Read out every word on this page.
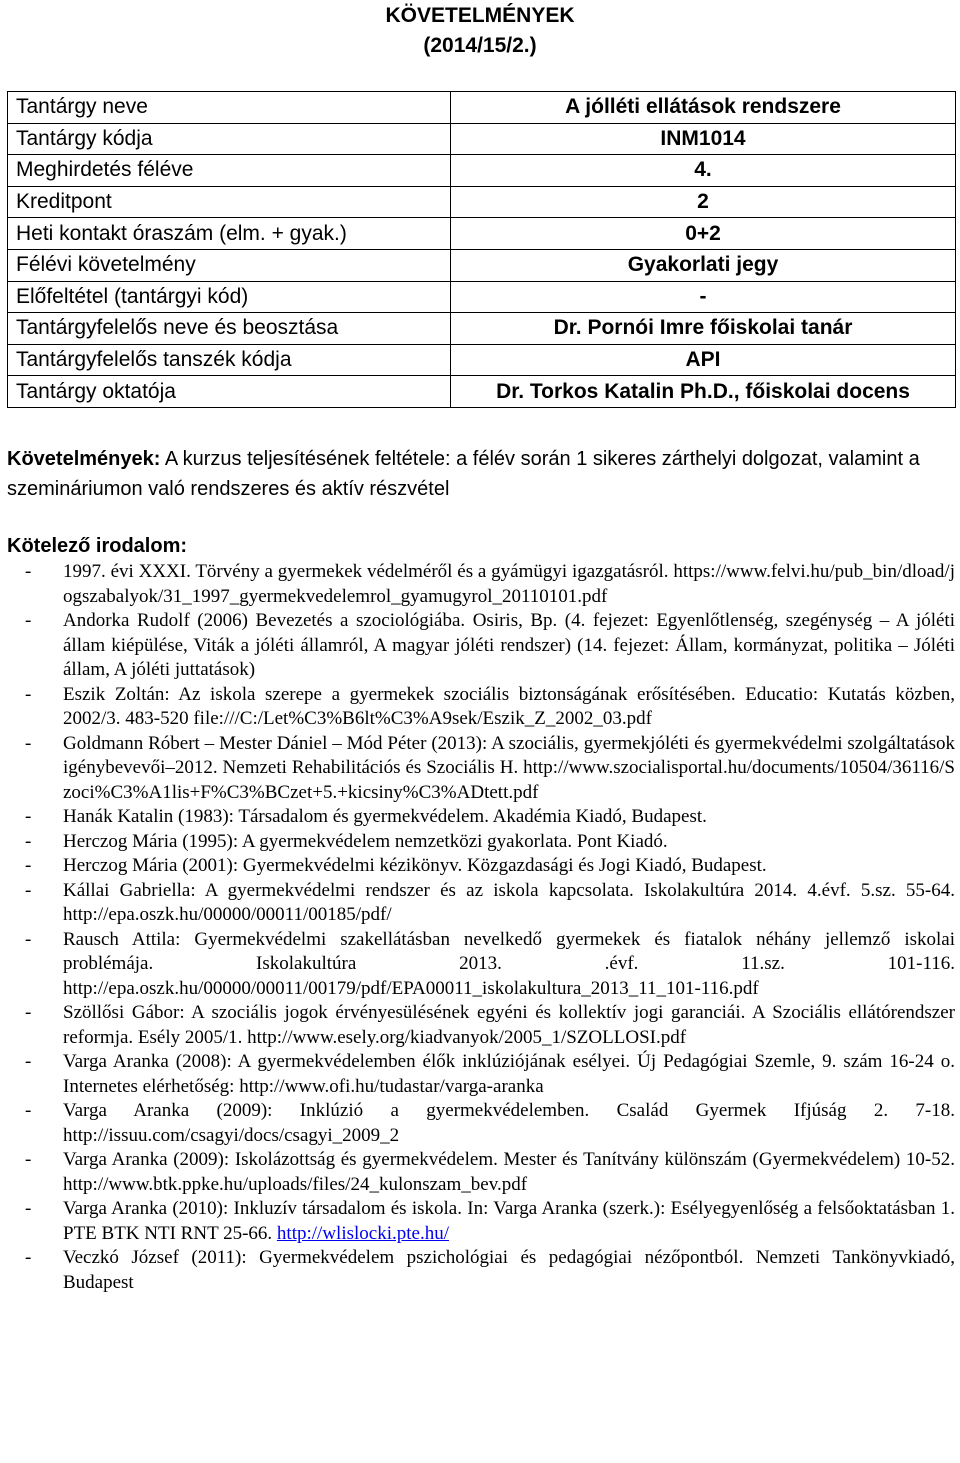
KÖVETELMÉNYEK
(2014/15/2.)
Tantárgy neve	A jólléti ellátások rendszere
Tantárgy kódja	INM1014
Meghirdetés féléve	4.
Kreditpont	2
Heti kontakt óraszám (elm. + gyak.)	0+2
Félévi követelmény	Gyakorlati jegy
Előfeltétel (tantárgyi kód)	-
Tantárgyfelelős neve és beosztása	Dr. Pornói Imre főiskolai tanár
Tantárgyfelelős tanszék kódja	API
Tantárgy oktatója	Dr. Torkos Katalin Ph.D., főiskolai docens
Követelmények: A kurzus teljesítésének feltétele: a félév során 1 sikeres zárthelyi dolgozat, valamint a szemináriumon való rendszeres és aktív részvétel
Kötelező irodalom:
- 1997. évi XXXI. Törvény a gyermekek védelméről és a gyámügyi igazgatásról. https://www.felvi.hu/pub_bin/dload/jogszabalyok/31_1997_gyermekvedelemrol_gyamugyrol_20110101.pdf
- Andorka Rudolf (2006) Bevezetés a szociológiába. Osiris, Bp. (4. fejezet: Egyenlőtlenség, szegénység – A jóléti állam kiépülése, Viták a jóléti államról, A magyar jóléti rendszer) (14. fejezet: Állam, kormányzat, politika – Jóléti állam, A jóléti juttatások)
- Eszik Zoltán: Az iskola szerepe a gyermekek szociális biztonságának erősítésében. Educatio: Kutatás közben, 2002/3. 483-520 file:///C:/Let%C3%B6lt%C3%A9sek/Eszik_Z_2002_03.pdf
- Goldmann Róbert – Mester Dániel – Mód Péter (2013): A szociális, gyermekjóléti és gyermekvédelmi szolgáltatások igénybevevői–2012. Nemzeti Rehabilitációs és Szociális H. http://www.szocialisportal.hu/documents/10504/36116/Szoci%C3%A1lis+F%C3%BCzet+5.+kicsiny%C3%ADtett.pdf
- Hanák Katalin (1983): Társadalom és gyermekvédelem. Akadémia Kiadó, Budapest.
- Herczog Mária (1995): A gyermekvédelem nemzetközi gyakorlata. Pont Kiadó.
- Herczog Mária (2001): Gyermekvédelmi kézikönyv. Közgazdasági és Jogi Kiadó, Budapest.
- Kállai Gabriella: A gyermekvédelmi rendszer és az iskola kapcsolata. Iskolakultúra 2014. 4.évf. 5.sz. 55-64. http://epa.oszk.hu/00000/00011/00185/pdf/
- Rausch Attila: Gyermekvédelmi szakellátásban nevelkedő gyermekek és fiatalok néhány jellemző iskolai problémája. Iskolakultúra 2013. .évf. 11.sz. 101-116. http://epa.oszk.hu/00000/00011/00179/pdf/EPA00011_iskolakultura_2013_11_101-116.pdf
- Szöllősi Gábor: A szociális jogok érvényesülésének egyéni és kollektív jogi garanciái. A Szociális ellátórendszer reformja. Esély 2005/1. http://www.esely.org/kiadvanyok/2005_1/SZOLLOSI.pdf
- Varga Aranka (2008): A gyermekvédelemben élők inklúziójának esélyei. Új Pedagógiai Szemle, 9. szám 16-24 o. Internetes elérhetőség: http://www.ofi.hu/tudastar/varga-aranka
- Varga Aranka (2009): Inklúzió a gyermekvédelemben. Család Gyermek Ifjúság 2. 7-18. http://issuu.com/csagyi/docs/csagyi_2009_2
- Varga Aranka (2009): Iskolázottság és gyermekvédelem. Mester és Tanítvány különszám (Gyermekvédelem) 10-52. http://www.btk.ppke.hu/uploads/files/24_kulonszam_bev.pdf
- Varga Aranka (2010): Inkluzív társadalom és iskola. In: Varga Aranka (szerk.): Esélyegyenlőség a felsőoktatásban 1. PTE BTK NTI RNT 25-66. http://wlislocki.pte.hu/
- Veczkó József (2011): Gyermekvédelem pszichológiai és pedagógiai nézőpontból. Nemzeti Tankönyvkiadó, Budapest
